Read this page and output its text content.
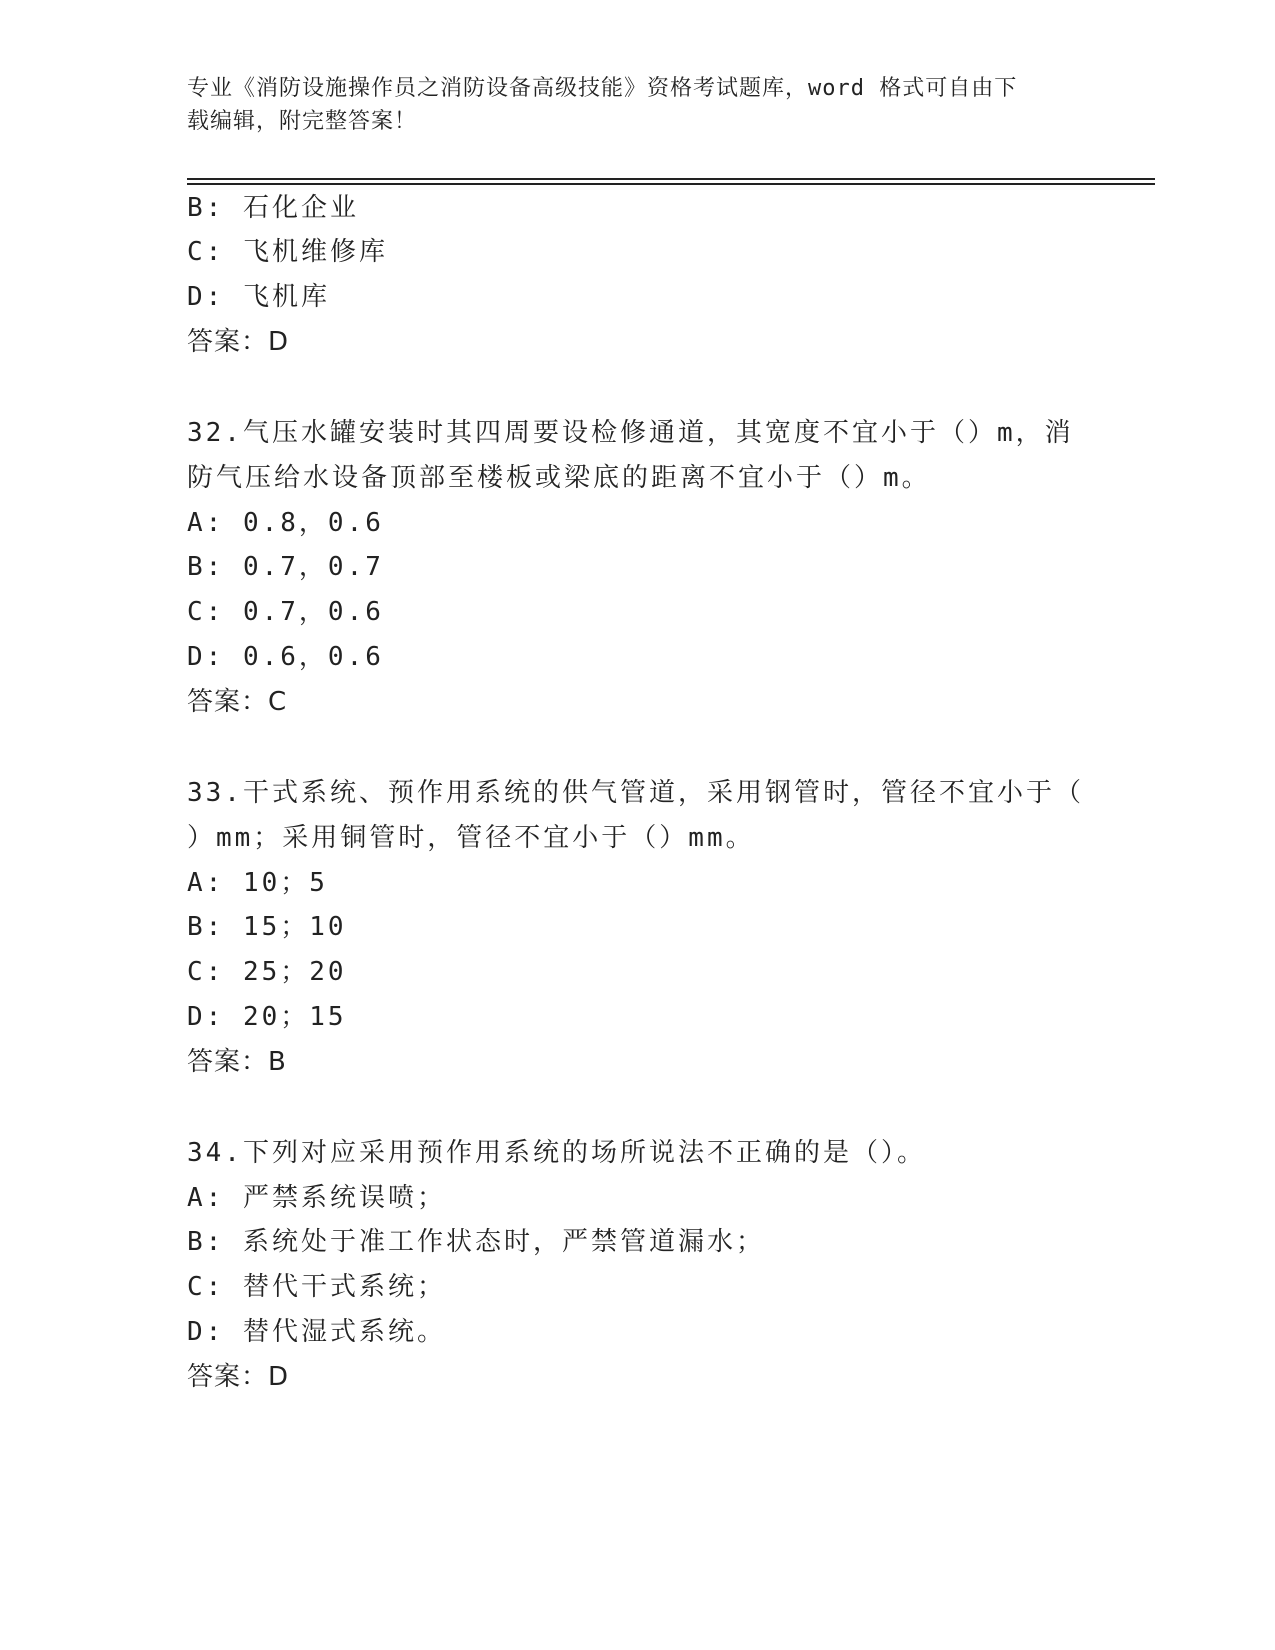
专业《消防设施操作员之消防设备高级技能》资格考试题库，word 格式可自由下
载编辑，附完整答案！
B: 石化企业
C: 飞机维修库
D: 飞机库
答案：D
32.气压水罐安装时其四周要设检修通道，其宽度不宜小于（）m，消
防气压给水设备顶部至楼板或梁底的距离不宜小于（）m。
A: 0.8，0.6
B: 0.7，0.7
C: 0.7，0.6
D: 0.6，0.6
答案：C
33.干式系统、预作用系统的供气管道，采用钢管时，管径不宜小于（
）mm；采用铜管时，管径不宜小于（）mm。
A: 10；5
B: 15；10
C: 25；20
D: 20；15
答案：B
34.下列对应采用预作用系统的场所说法不正确的是（）。
A: 严禁系统误喷；
B: 系统处于准工作状态时，严禁管道漏水；
C: 替代干式系统；
D: 替代湿式系统。
答案：D
